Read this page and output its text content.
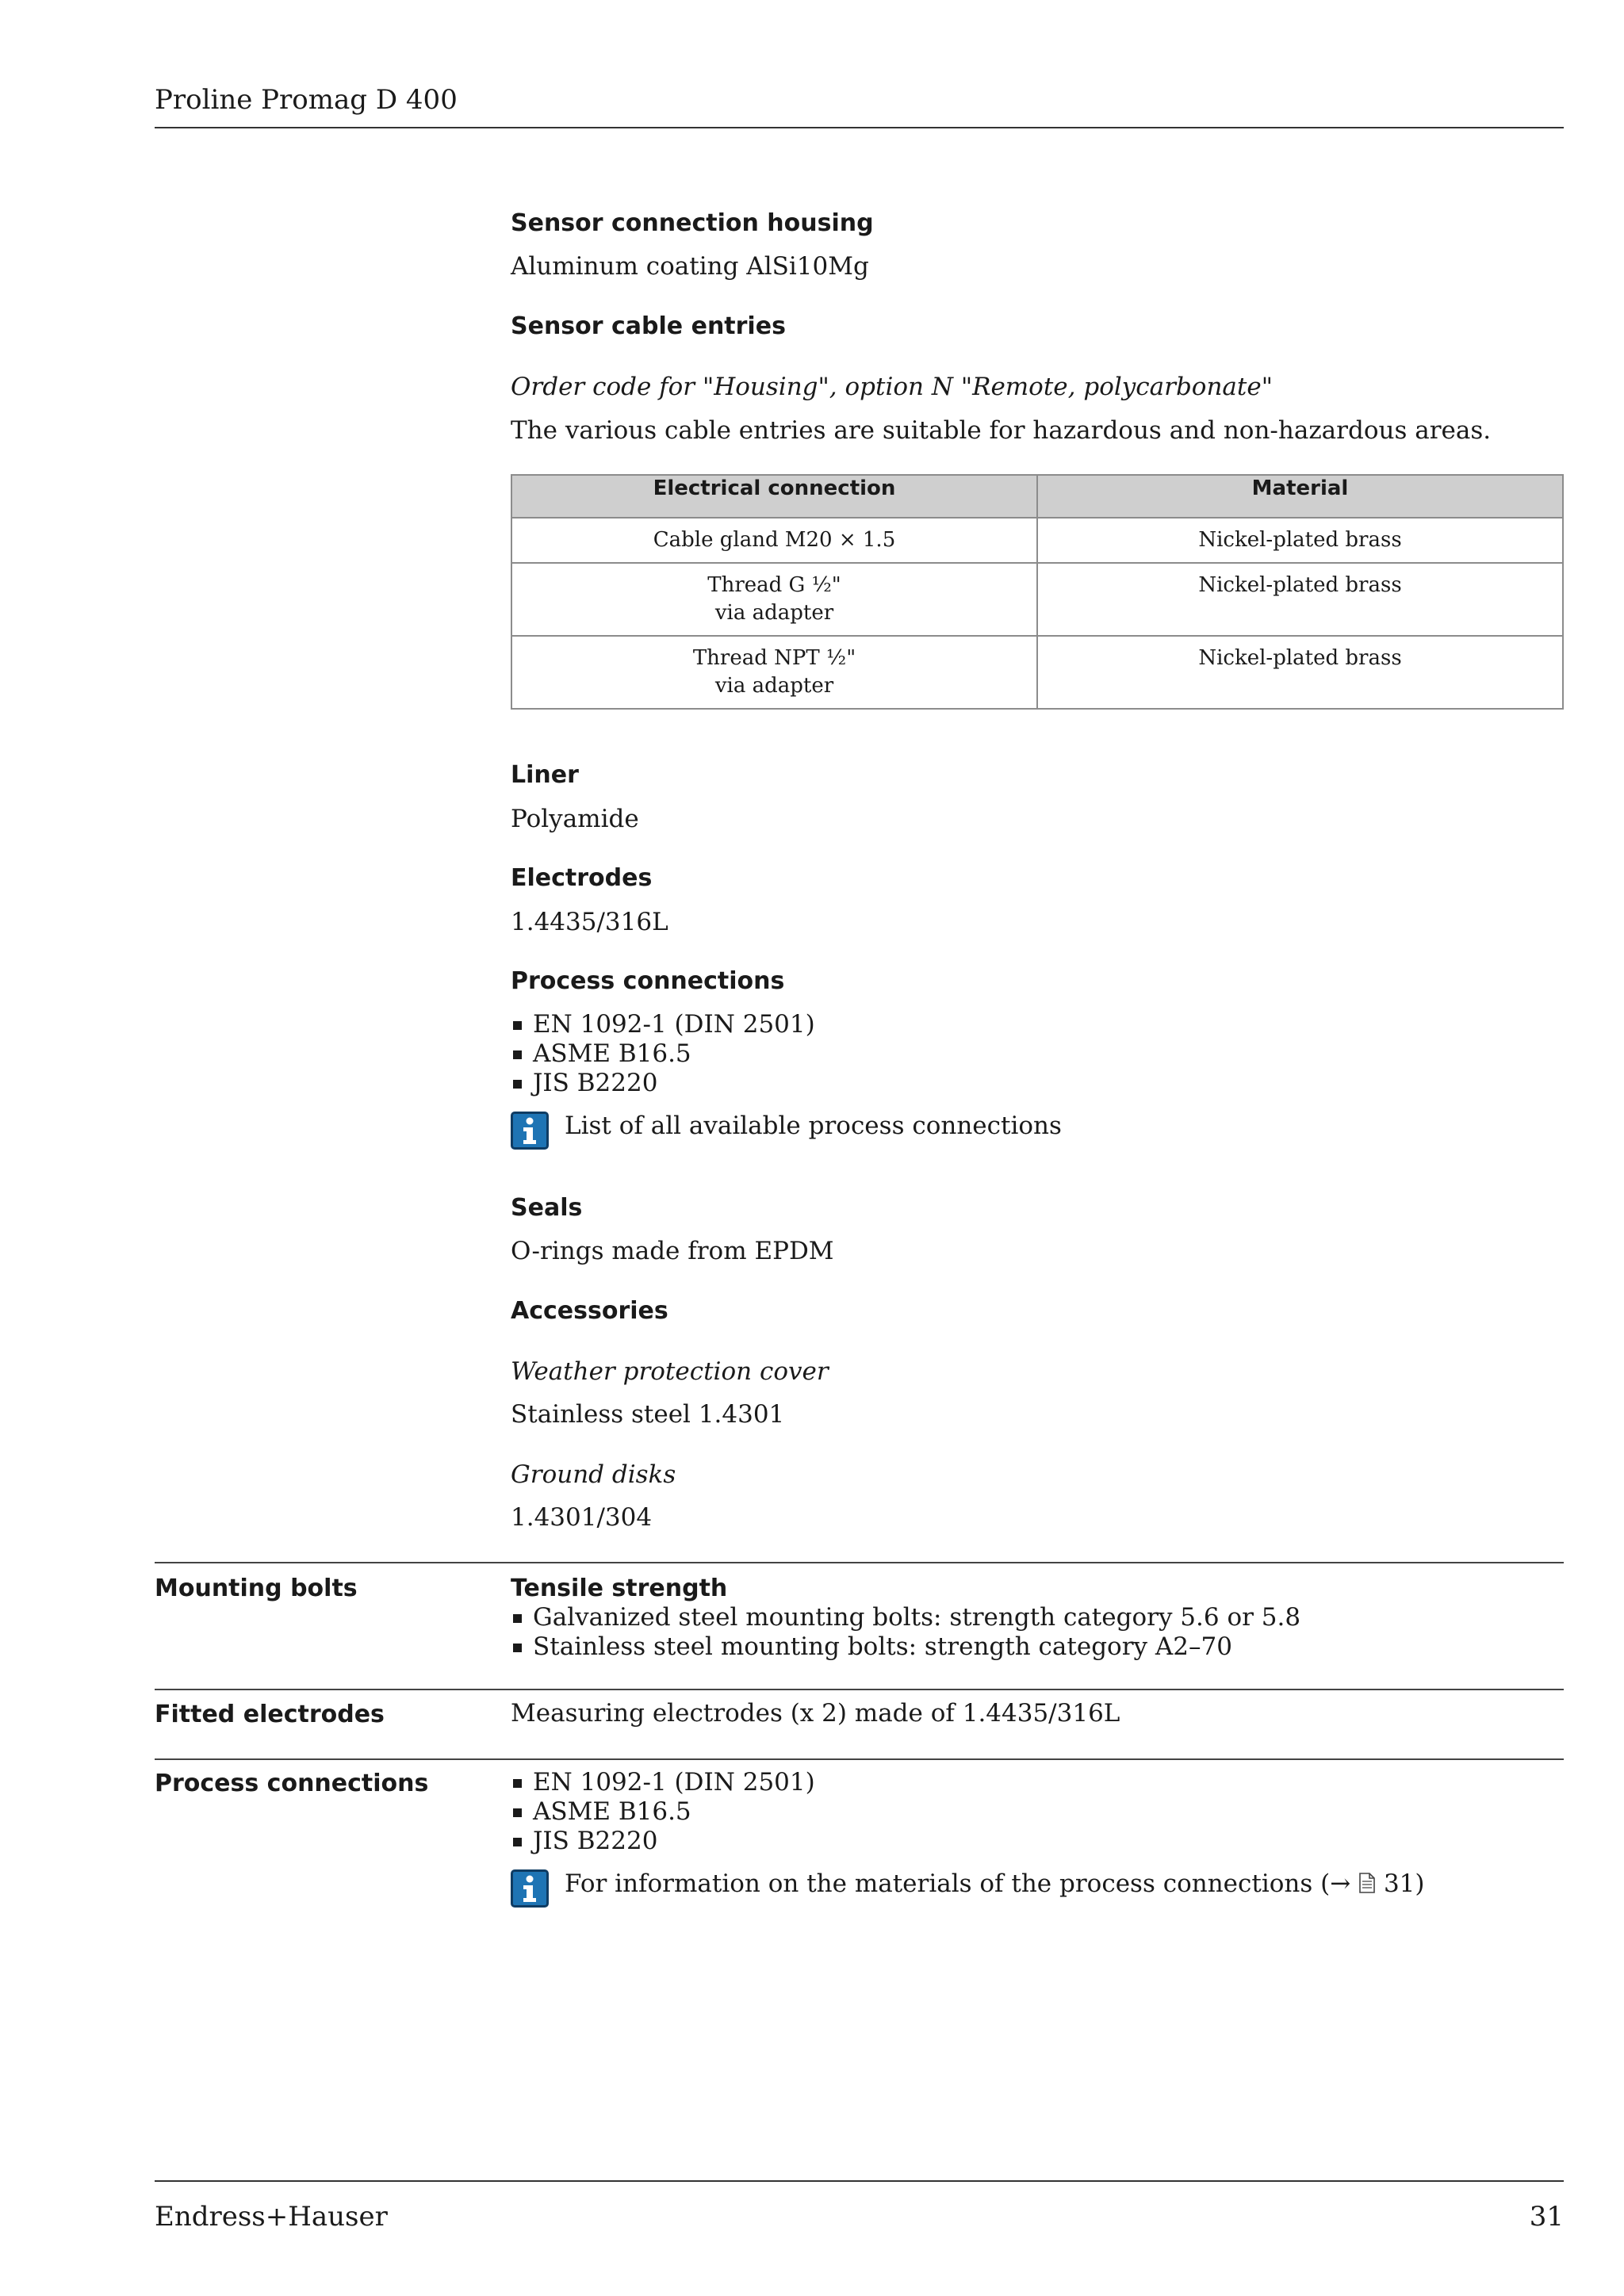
Proline Promag D 400
Sensor connection housing
Aluminum coating AlSi10Mg
Sensor cable entries
Order code for "Housing", option N "Remote, polycarbonate"
The various cable entries are suitable for hazardous and non-hazardous areas.
Electrical connection	Material

Cable gland M20 × 1.5	Nickel-plated brass

Thread G ½"
via adapter	Nickel-plated brass

Thread NPT ½"
via adapter	Nickel-plated brass
Liner
Polyamide
Electrodes
1.4435/316L
Process connections
EN 1092-1 (DIN 2501)
ASME B16.5
JIS B2220
List of all available process connections
Seals
O-rings made from EPDM
Accessories
Weather protection cover
Stainless steel 1.4301
Ground disks
1.4301/304
Mounting bolts	Tensile strength
Galvanized steel mounting bolts: strength category 5.6 or 5.8
Stainless steel mounting bolts: strength category A2–70
Fitted electrodes	Measuring electrodes (x 2) made of 1.4435/316L
Process connections	EN 1092-1 (DIN 2501)
ASME B16.5
JIS B2220
For information on the materials of the process connections (→ 31)
Endress+Hauser	31
